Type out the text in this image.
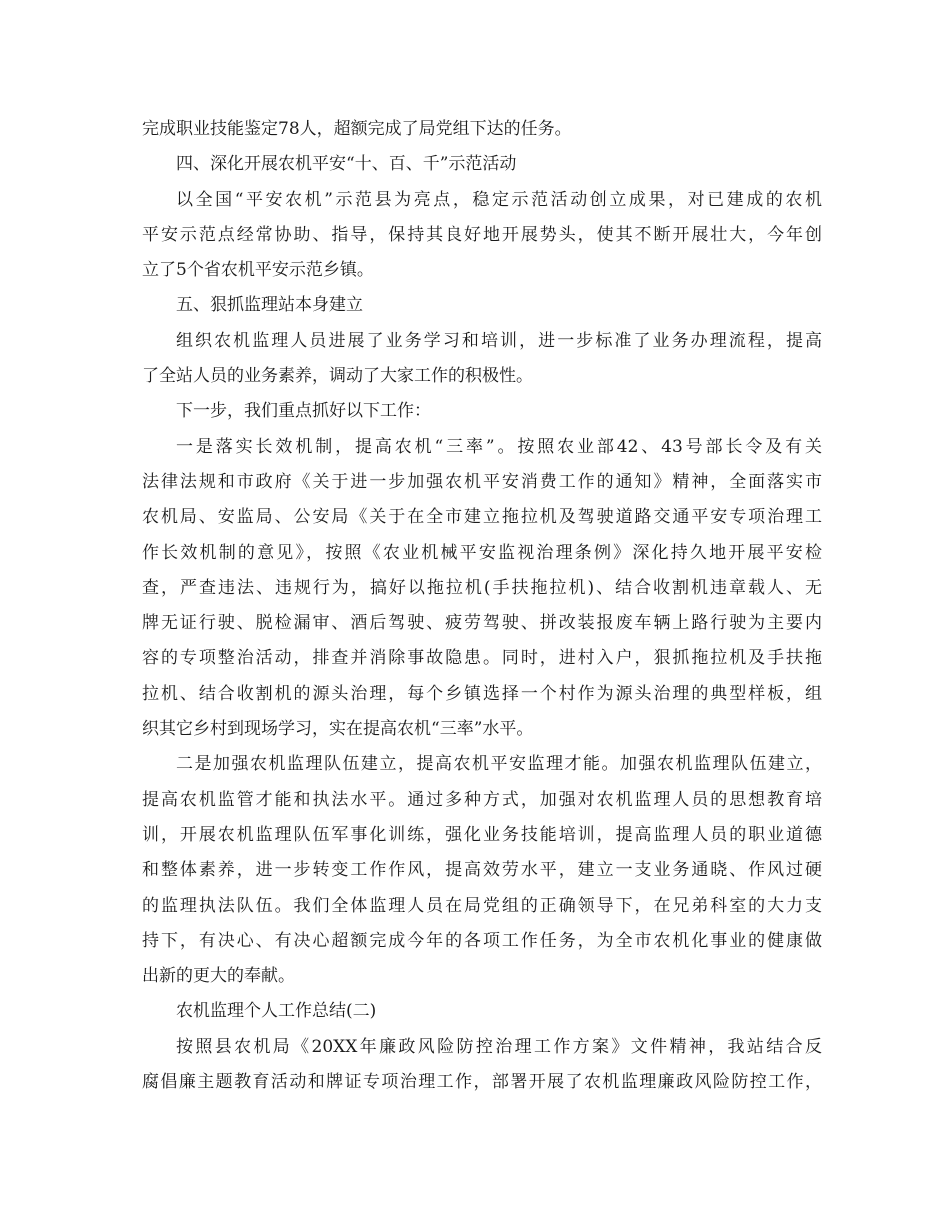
完成职业技能鉴定78人，超额完成了局党组下达的任务。
四、深化开展农机平安“十、百、千”示范活动
以全国“平安农机”示范县为亮点，稳定示范活动创立成果，对已建成的农机
平安示范点经常协助、指导，保持其良好地开展势头，使其不断开展壮大，今年创
立了5个省农机平安示范乡镇。
五、狠抓监理站本身建立
组织农机监理人员进展了业务学习和培训，进一步标准了业务办理流程，提高
了全站人员的业务素养，调动了大家工作的积极性。
下一步，我们重点抓好以下工作：
一是落实长效机制，提高农机“三率”。按照农业部42、43号部长令及有关
法律法规和市政府《关于进一步加强农机平安消费工作的通知》精神，全面落实市
农机局、安监局、公安局《关于在全市建立拖拉机及驾驶道路交通平安专项治理工
作长效机制的意见》，按照《农业机械平安监视治理条例》深化持久地开展平安检
查，严查违法、违规行为，搞好以拖拉机(手扶拖拉机)、结合收割机违章载人、无
牌无证行驶、脱检漏审、酒后驾驶、疲劳驾驶、拼改装报废车辆上路行驶为主要内
容的专项整治活动，排查并消除事故隐患。同时，进村入户，狠抓拖拉机及手扶拖
拉机、结合收割机的源头治理，每个乡镇选择一个村作为源头治理的典型样板，组
织其它乡村到现场学习，实在提高农机“三率”水平。
二是加强农机监理队伍建立，提高农机平安监理才能。加强农机监理队伍建立，
提高农机监管才能和执法水平。通过多种方式，加强对农机监理人员的思想教育培
训，开展农机监理队伍军事化训练，强化业务技能培训，提高监理人员的职业道德
和整体素养，进一步转变工作作风，提高效劳水平，建立一支业务通晓、作风过硬
的监理执法队伍。我们全体监理人员在局党组的正确领导下，在兄弟科室的大力支
持下，有决心、有决心超额完成今年的各项工作任务，为全市农机化事业的健康做
出新的更大的奉献。
农机监理个人工作总结(二)
按照县农机局《20XX年廉政风险防控治理工作方案》文件精神，我站结合反
腐倡廉主题教育活动和牌证专项治理工作，部署开展了农机监理廉政风险防控工作，
